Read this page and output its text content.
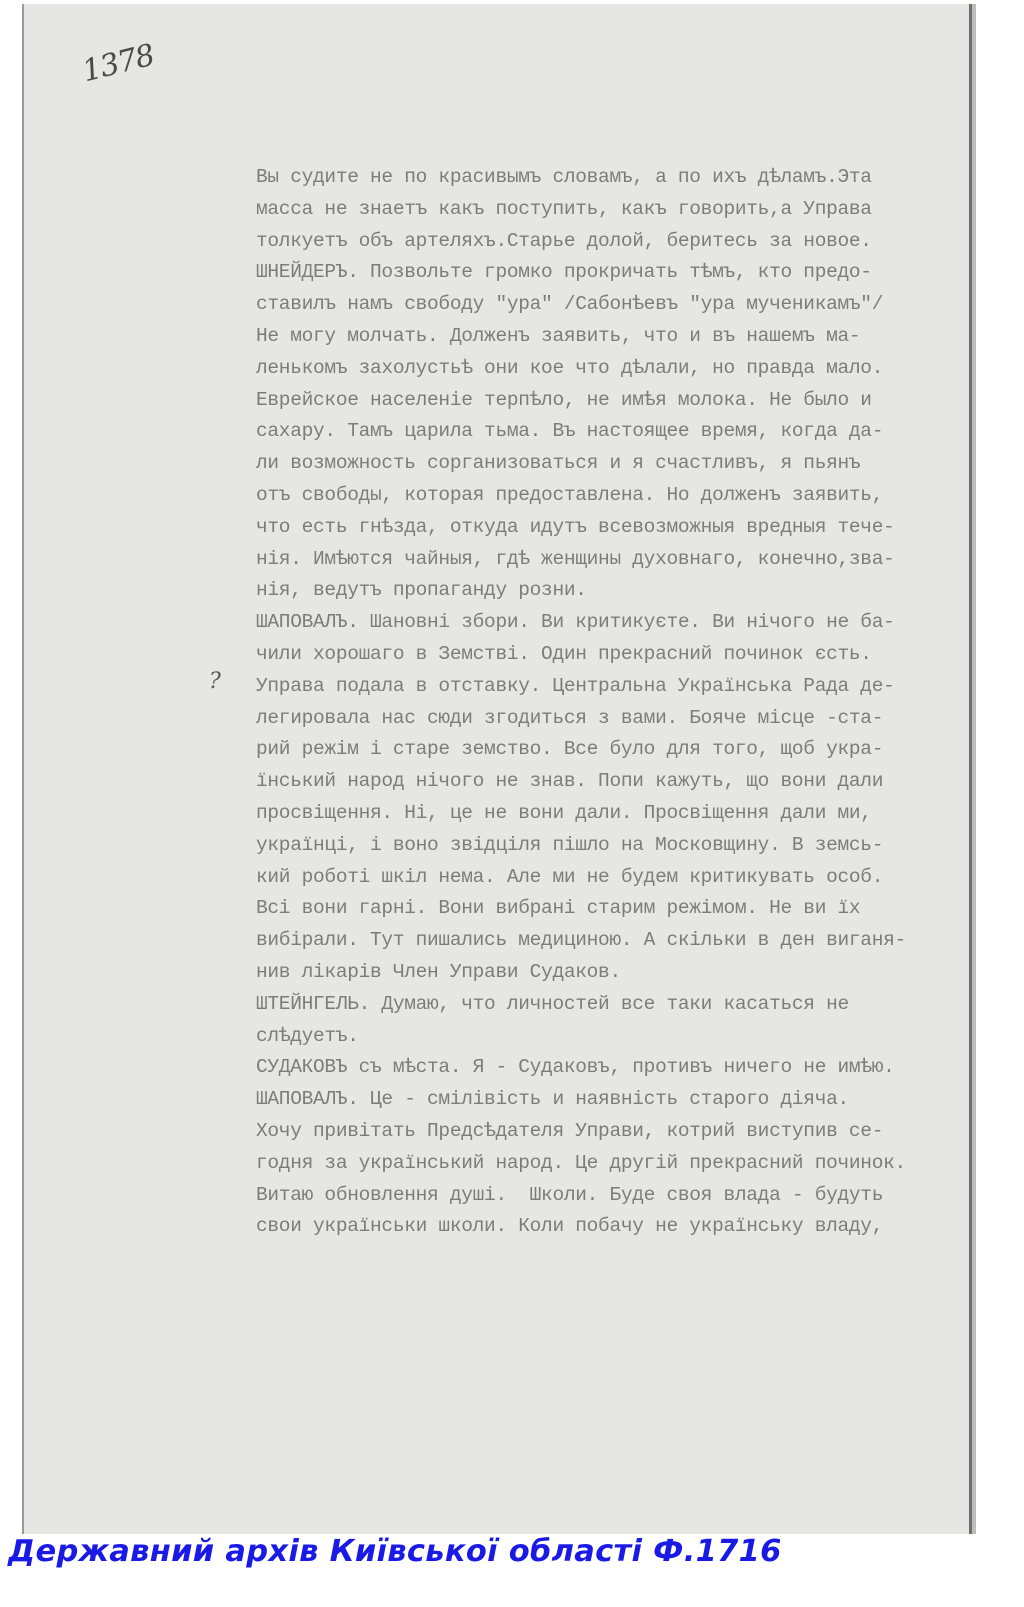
1378
?
Вы судите не по красивымъ словамъ, а по ихъ дѣламъ.Эта
масса не знаетъ какъ поступить, какъ говорить,а Управа
толкуетъ объ артеляхъ.Старье долой, беритесь за новое.
ШНЕЙДЕРЪ. Позвольте громко прокричать тѣмъ, кто предо-
ставилъ намъ свободу "ура" /Сабонѣевъ "ура мученикамъ"/
Не могу молчать. Долженъ заявить, что и въ нашемъ ма-
ленькомъ захолустьѣ они кое что дѣлали, но правда мало.
Еврейское населеніе терпѣло, не имѣя молока. Не было и
сахару. Тамъ царила тьма. Въ настоящее время, когда да-
ли возможность сорганизоваться и я счастливъ, я пьянъ
отъ свободы, которая предоставлена. Но долженъ заявить,
что есть гнѣзда, откуда идутъ всевозможныя вредныя тече-
нія. Имѣются чайныя, гдѣ женщины духовнаго, конечно,зва-
нія, ведутъ пропаганду розни.
ШАПОВАЛЪ. Шановні збори. Ви критикуєте. Ви нічого не ба-
чили хорошаго в Земстві. Один прекрасний починок єсть.
Управа подала в отставку. Центральна Українська Рада де-
легировала нас сюди згодиться з вами. Бояче місце -ста-
рий режім і старе земство. Все було для того, щоб укра-
їнський народ нічого не знав. Попи кажуть, що вони дали
просвіщення. Ні, це не вони дали. Просвіщення дали ми,
українці, і воно звідціля пішло на Московщину. В земсь-
кий роботі шкіл нема. Але ми не будем критикувать особ.
Всі вони гарні. Вони вибрані старим режімом. Не ви їх
вибірали. Тут пишались медициною. А скільки в ден виганя-
нив лікарів Член Управи Судаков.
ШТЕЙНГЕЛЬ. Думаю, что личностей все таки касаться не
слѣдуетъ.
СУДАКОВЪ съ мѣста. Я - Судаковъ, противъ ничего не имѣю.
ШАПОВАЛЪ. Це - смілівість и наявність старого діяча.
Хочу привітать Предсѣдателя Управи, котрий виступив се-
годня за український народ. Це другій прекрасний починок.
Витаю обновлення душі.  Школи. Буде своя влада - будуть
свои українськи школи. Коли побачу не українську владу,
Державний архів Київської області Ф.1716
